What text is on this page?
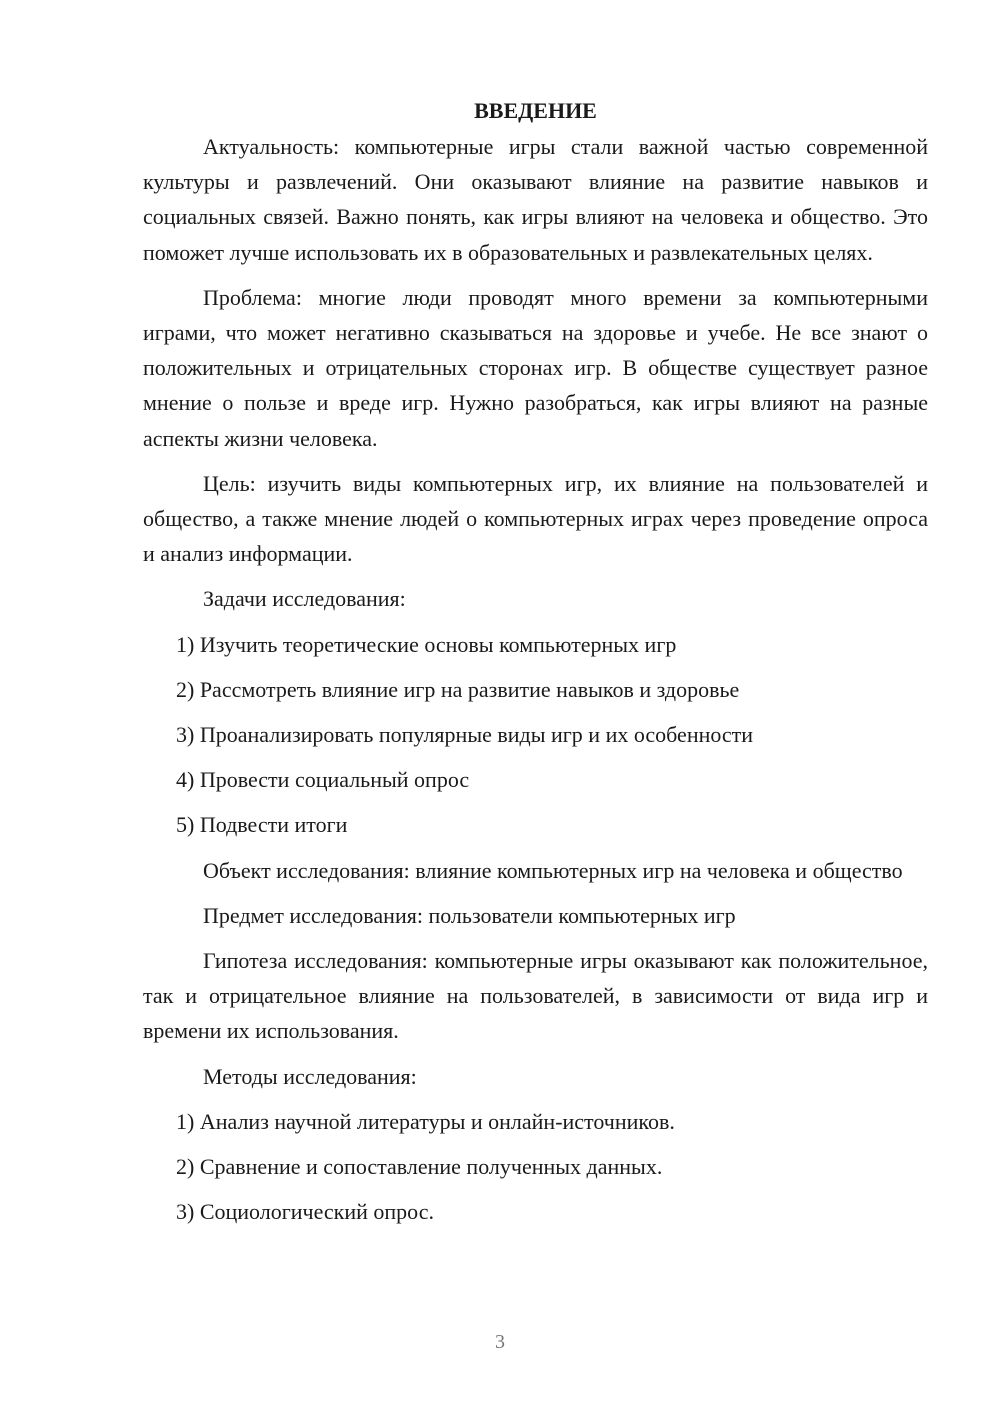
ВВЕДЕНИЕ

Актуальность: компьютерные игры стали важной частью современной культуры и развлечений. Они оказывают влияние на развитие навыков и социальных связей. Важно понять, как игры влияют на человека и общество. Это поможет лучше использовать их в образовательных и развлекательных целях.

Проблема: многие люди проводят много времени за компьютерными играми, что может негативно сказываться на здоровье и учебе. Не все знают о положительных и отрицательных сторонах игр. В обществе существует разное мнение о пользе и вреде игр. Нужно разобраться, как игры влияют на разные аспекты жизни человека.

Цель: изучить виды компьютерных игр, их влияние на пользователей и общество, а также мнение людей о компьютерных играх через проведение опроса и анализ информации.

Задачи исследования:

1) Изучить теоретические основы компьютерных игр
2) Рассмотреть влияние игр на развитие навыков и здоровье
3) Проанализировать популярные виды игр и их особенности
4) Провести социальный опрос
5) Подвести итоги

Объект исследования: влияние компьютерных игр на человека и общество

Предмет исследования: пользователи компьютерных игр

Гипотеза исследования: компьютерные игры оказывают как положительное, так и отрицательное влияние на пользователей, в зависимости от вида игр и времени их использования.

Методы исследования:

1) Анализ научной литературы и онлайн-источников.
2) Сравнение и сопоставление полученных данных.
3) Социологический опрос.
3
